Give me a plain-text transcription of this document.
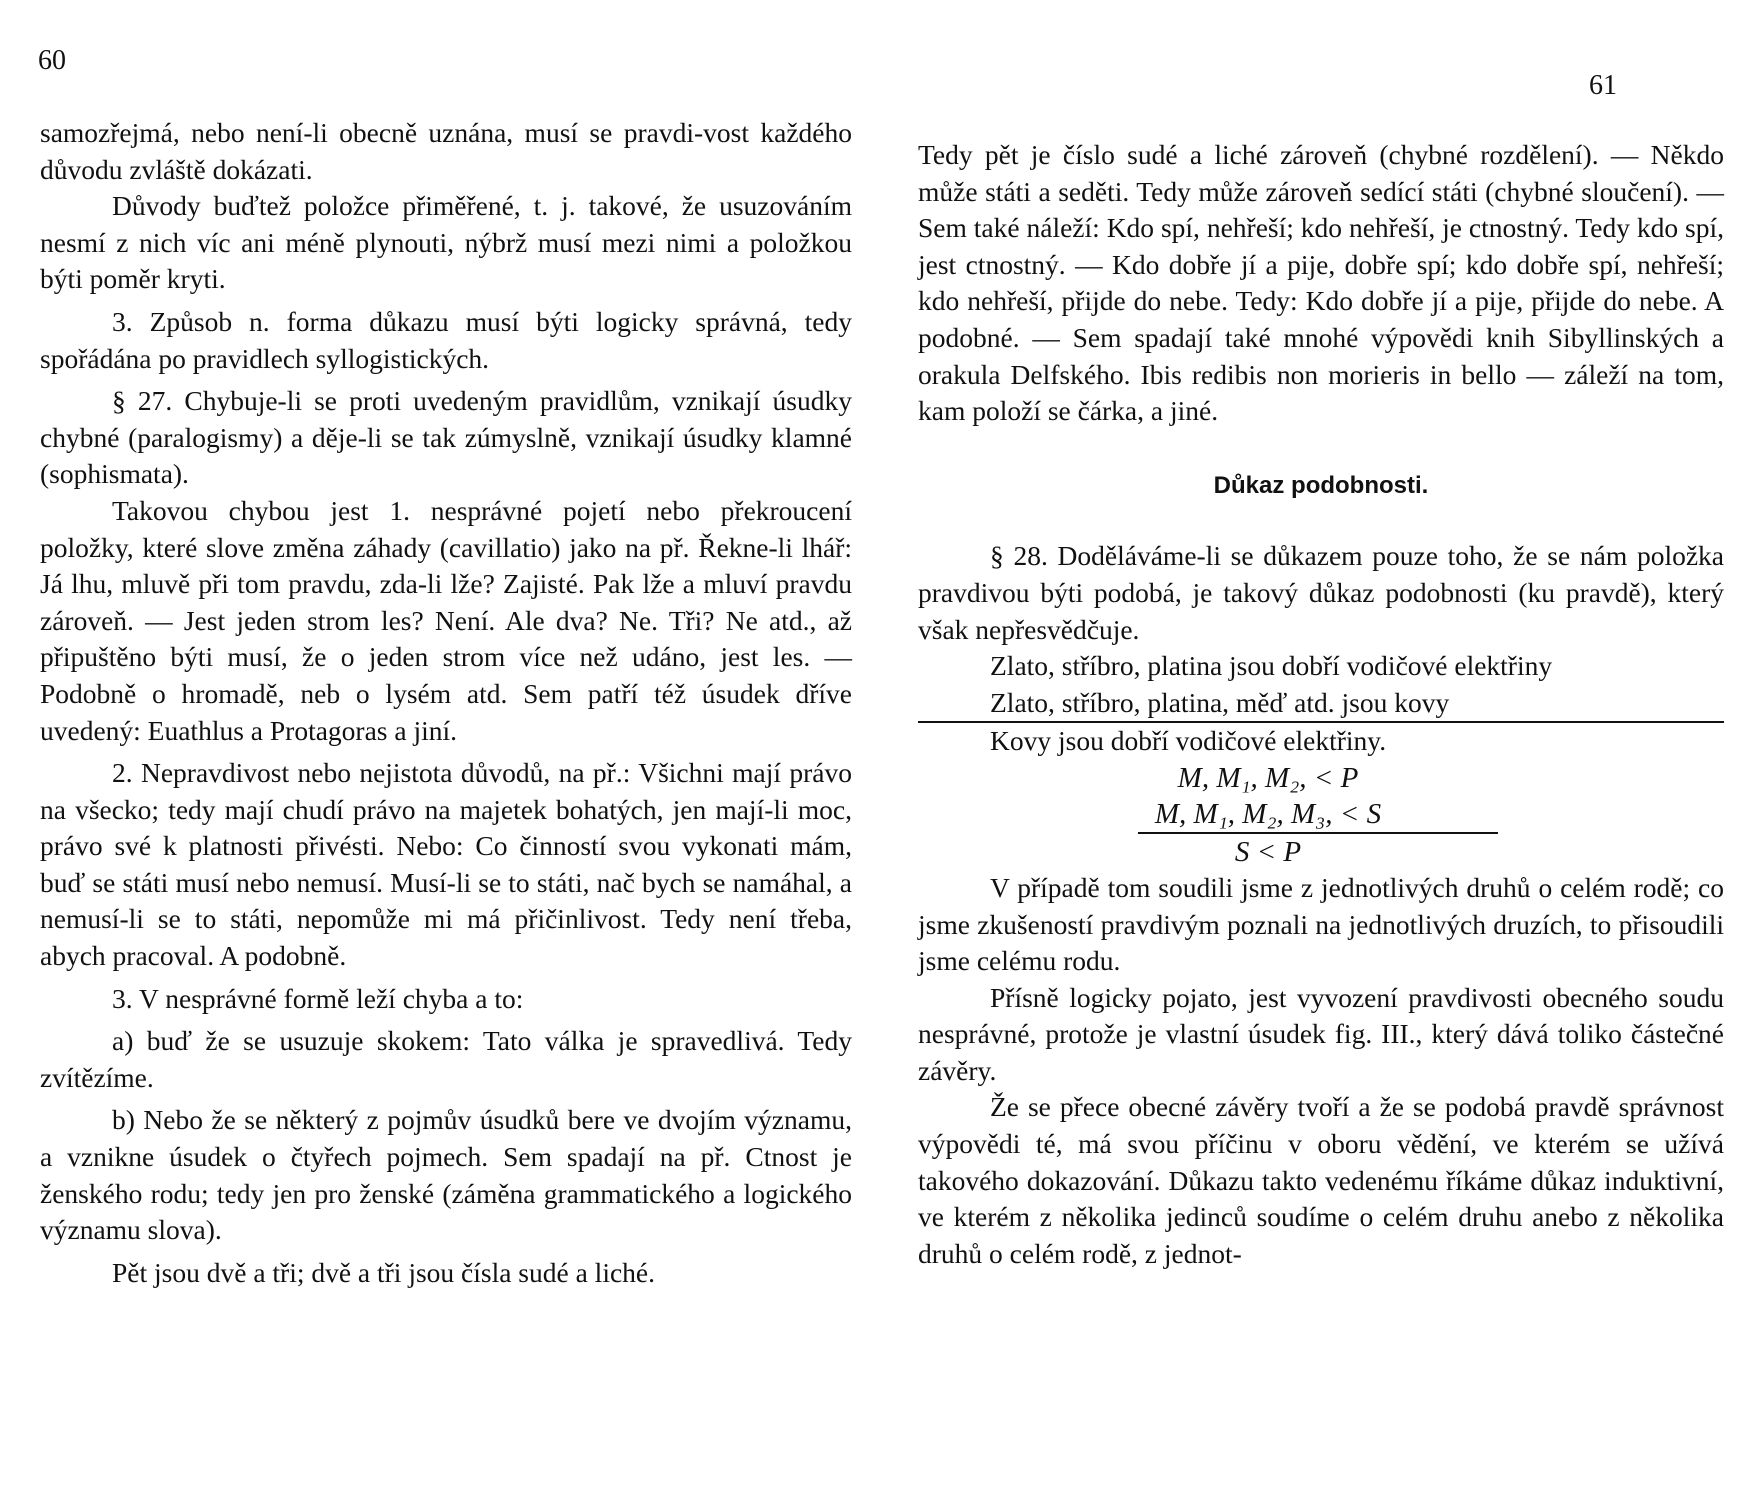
60
61

samozřejmá, nebo není-li obecně uznána, musí se pravdi-vost každého důvodu zvláště dokázati.

Důvody buďtež položce přiměřené, t. j. takové, že usuzováním nesmí z nich víc ani méně plynouti, nýbrž musí mezi nimi a položkou býti poměr kryti.

3. Způsob n. forma důkazu musí býti logicky správná, tedy spořádána po pravidlech syllogistických.

§ 27. Chybuje-li se proti uvedeným pravidlům, vznikají úsudky chybné (paralogismy) a děje-li se tak zúmyslně, vznikají úsudky klamné (sophismata).

Takovou chybou jest 1. nesprávné pojetí nebo překroucení položky, které slove změna záhady (cavillatio) jako na př. Řekne-li lhář: Já lhu, mluvě při tom pravdu, zda-li lže? Zajisté. Pak lže a mluví pravdu zároveň. — Jest jeden strom les? Není. Ale dva? Ne. Tři? Ne atd., až připuštěno býti musí, že o jeden strom více než udáno, jest les. — Podobně o hromadě, neb o lysém atd. Sem patří též úsudek dříve uvedený: Euathlus a Protagoras a jiní.

2. Nepravdivost nebo nejistota důvodů, na př.: Všichni mají právo na všecko; tedy mají chudí právo na majetek bohatých, jen mají-li moc, právo své k platnosti přivésti. Nebo: Co činností svou vykonati mám, buď se státi musí nebo nemusí. Musí-li se to státi, nač bych se namáhal, a nemusí-li se to státi, nepomůže mi má přičinlivost. Tedy není třeba, abych pracoval. A podobně.

3. V nesprávné formě leží chyba a to:

a) buď že se usuzuje skokem: Tato válka je spravedlivá. Tedy zvítězíme.

b) Nebo že se některý z pojmův úsudků bere ve dvojím významu, a vznikne úsudek o čtyřech pojmech. Sem spadají na př. Ctnost je ženského rodu; tedy jen pro ženské (záměna grammatického a logického významu slova).

Pět jsou dvě a tři; dvě a tři jsou čísla sudé a liché.

Tedy pět je číslo sudé a liché zároveň (chybné rozdělení). — Někdo může státi a seděti. Tedy může zároveň sedící státi (chybné sloučení). — Sem také náleží: Kdo spí, nehřeší; kdo nehřeší, je ctnostný. Tedy kdo spí, jest ctnostný. — Kdo dobře jí a pije, dobře spí; kdo dobře spí, nehřeší; kdo nehřeší, přijde do nebe. Tedy: Kdo dobře jí a pije, přijde do nebe. A podobné. — Sem spadají také mnohé výpovědi knih Sibyllinských a orakula Delfského. Ibis redibis non morieris in bello — záleží na tom, kam položí se čárka, a jiné.

Důkaz podobnosti.

§ 28. Doděláváme-li se důkazem pouze toho, že se nám položka pravdivou býti podobá, je takový důkaz podobnosti (ku pravdě), který však nepřesvědčuje.

Zlato, stříbro, platina jsou dobří vodičové elektřiny
Zlato, stříbro, platina, měď atd. jsou kovy
Kovy jsou dobří vodičové elektřiny.
M, M₁, M₂, < P
M, M₁, M₂, M₃, < S
S < P

V případě tom soudili jsme z jednotlivých druhů o celém rodě; co jsme zkušeností pravdivým poznali na jednotlivých druzích, to přisoudili jsme celému rodu.

Přísně logicky pojato, jest vyvození pravdivosti obecného soudu nesprávné, protože je vlastní úsudek fig. III., který dává toliko částečné závěry.

Že se přece obecné závěry tvoří a že se podobá pravdě správnost výpovědi té, má svou příčinu v oboru vědění, ve kterém se užívá takového dokazování. Důkazu takto vedenému říkáme důkaz induktivní, ve kterém z několika jedinců soudíme o celém druhu anebo z několika druhů o celém rodě, z jednot-
